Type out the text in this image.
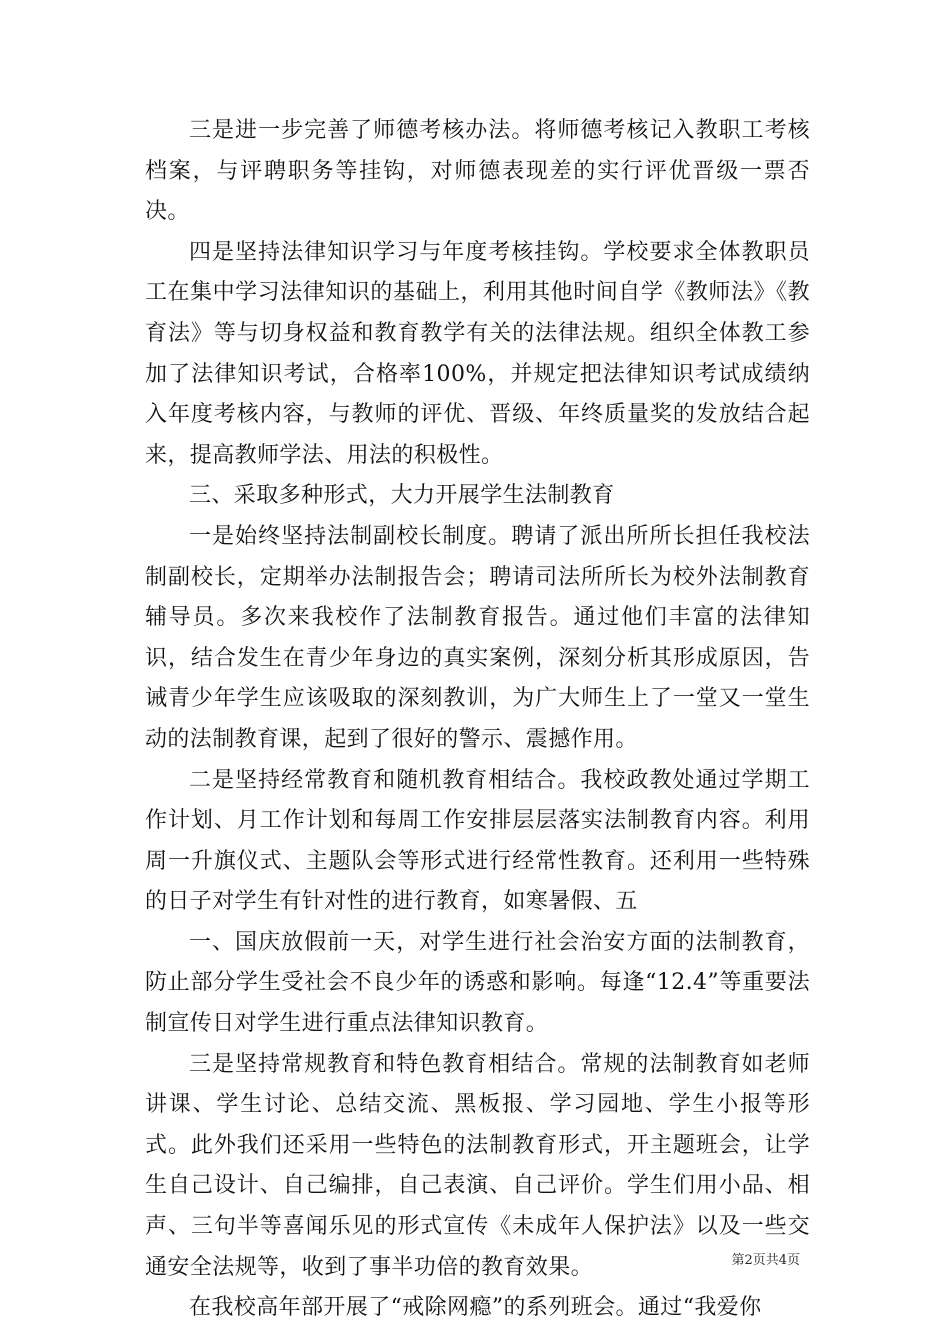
三是进一步完善了师德考核办法。将师德考核记入教职工考核档案，与评聘职务等挂钩，对师德表现差的实行评优晋级一票否决。

四是坚持法律知识学习与年度考核挂钩。学校要求全体教职员工在集中学习法律知识的基础上，利用其他时间自学《教师法》《教育法》等与切身权益和教育教学有关的法律法规。组织全体教工参加了法律知识考试，合格率100%，并规定把法律知识考试成绩纳入年度考核内容，与教师的评优、晋级、年终质量奖的发放结合起来，提高教师学法、用法的积极性。

三、采取多种形式，大力开展学生法制教育

一是始终坚持法制副校长制度。聘请了派出所所长担任我校法制副校长，定期举办法制报告会；聘请司法所所长为校外法制教育辅导员。多次来我校作了法制教育报告。通过他们丰富的法律知识，结合发生在青少年身边的真实案例，深刻分析其形成原因，告诫青少年学生应该吸取的深刻教训，为广大师生上了一堂又一堂生动的法制教育课，起到了很好的警示、震撼作用。

二是坚持经常教育和随机教育相结合。我校政教处通过学期工作计划、月工作计划和每周工作安排层层落实法制教育内容。利用周一升旗仪式、主题队会等形式进行经常性教育。还利用一些特殊的日子对学生有针对性的进行教育，如寒暑假、五

一、国庆放假前一天，对学生进行社会治安方面的法制教育，防止部分学生受社会不良少年的诱惑和影响。每逢“12.4”等重要法制宣传日对学生进行重点法律知识教育。

三是坚持常规教育和特色教育相结合。常规的法制教育如老师讲课、学生讨论、总结交流、黑板报、学习园地、学生小报等形式。此外我们还采用一些特色的法制教育形式，开主题班会，让学生自己设计、自己编排，自己表演、自己评价。学生们用小品、相声、三句半等喜闻乐见的形式宣传《未成年人保护法》以及一些交通安全法规等，收到了事半功倍的教育效果。

在我校高年部开展了“戒除网瘾”的系列班会。通过“我爱你

第2页共4页
